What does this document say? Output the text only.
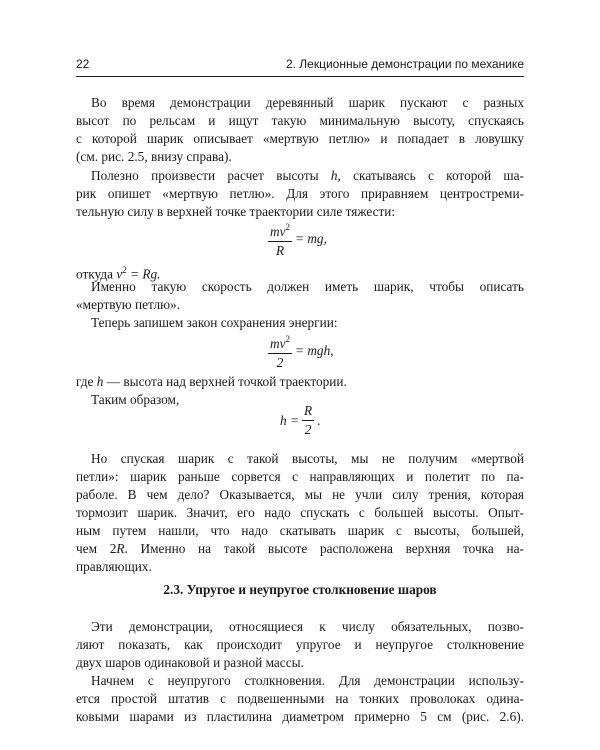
22	2. Лекционные демонстрации по механике
Во время демонстрации деревянный шарик пускают с разных
высот по рельсам и ищут такую минимальную высоту, спускаясь
с которой шарик описывает «мертвую петлю» и попадает в ловушку
(см. рис. 2.5, внизу справа).
Полезно произвести расчет высоты h, скатываясь с которой ша-
рик опишет «мертвую петлю». Для этого приравняем центростреми-
тельную силу в верхней точке траектории силе тяжести:
$\frac{mv^2}{R}$ = mg,
откуда $v^2 = Rg$.
Именно такую скорость должен иметь шарик, чтобы описать
«мертвую петлю».
Теперь запишем закон сохранения энергии:
$\frac{mv^2}{2}$ = mgh,
где h — высота над верхней точкой траектории.
Таким образом,
$h = \frac{R}{2}$ .
Но спуская шарик с такой высоты, мы не получим «мертвой
петли»: шарик раньше сорвется с направляющих и полетит по па-
раболе. В чем дело? Оказывается, мы не учли силу трения, которая
тормозит шарик. Значит, его надо спускать с большей высоты. Опыт-
ным путем нашли, что надо скатывать шарик с высоты, большей,
чем 2R. Именно на такой высоте расположена верхняя точка на-
правляющих.
2.3. Упругое и неупругое столкновение шаров
Эти демонстрации, относящиеся к числу обязательных, позво-
ляют показать, как происходит упругое и неупругое столкновение
двух шаров одинаковой и разной массы.
Начнем с неупругого столкновения. Для демонстрации использу-
ется простой штатив с подвешенными на тонких проволоках одина-
ковыми шарами из пластилина диаметром примерно 5 см (рис. 2.6).
